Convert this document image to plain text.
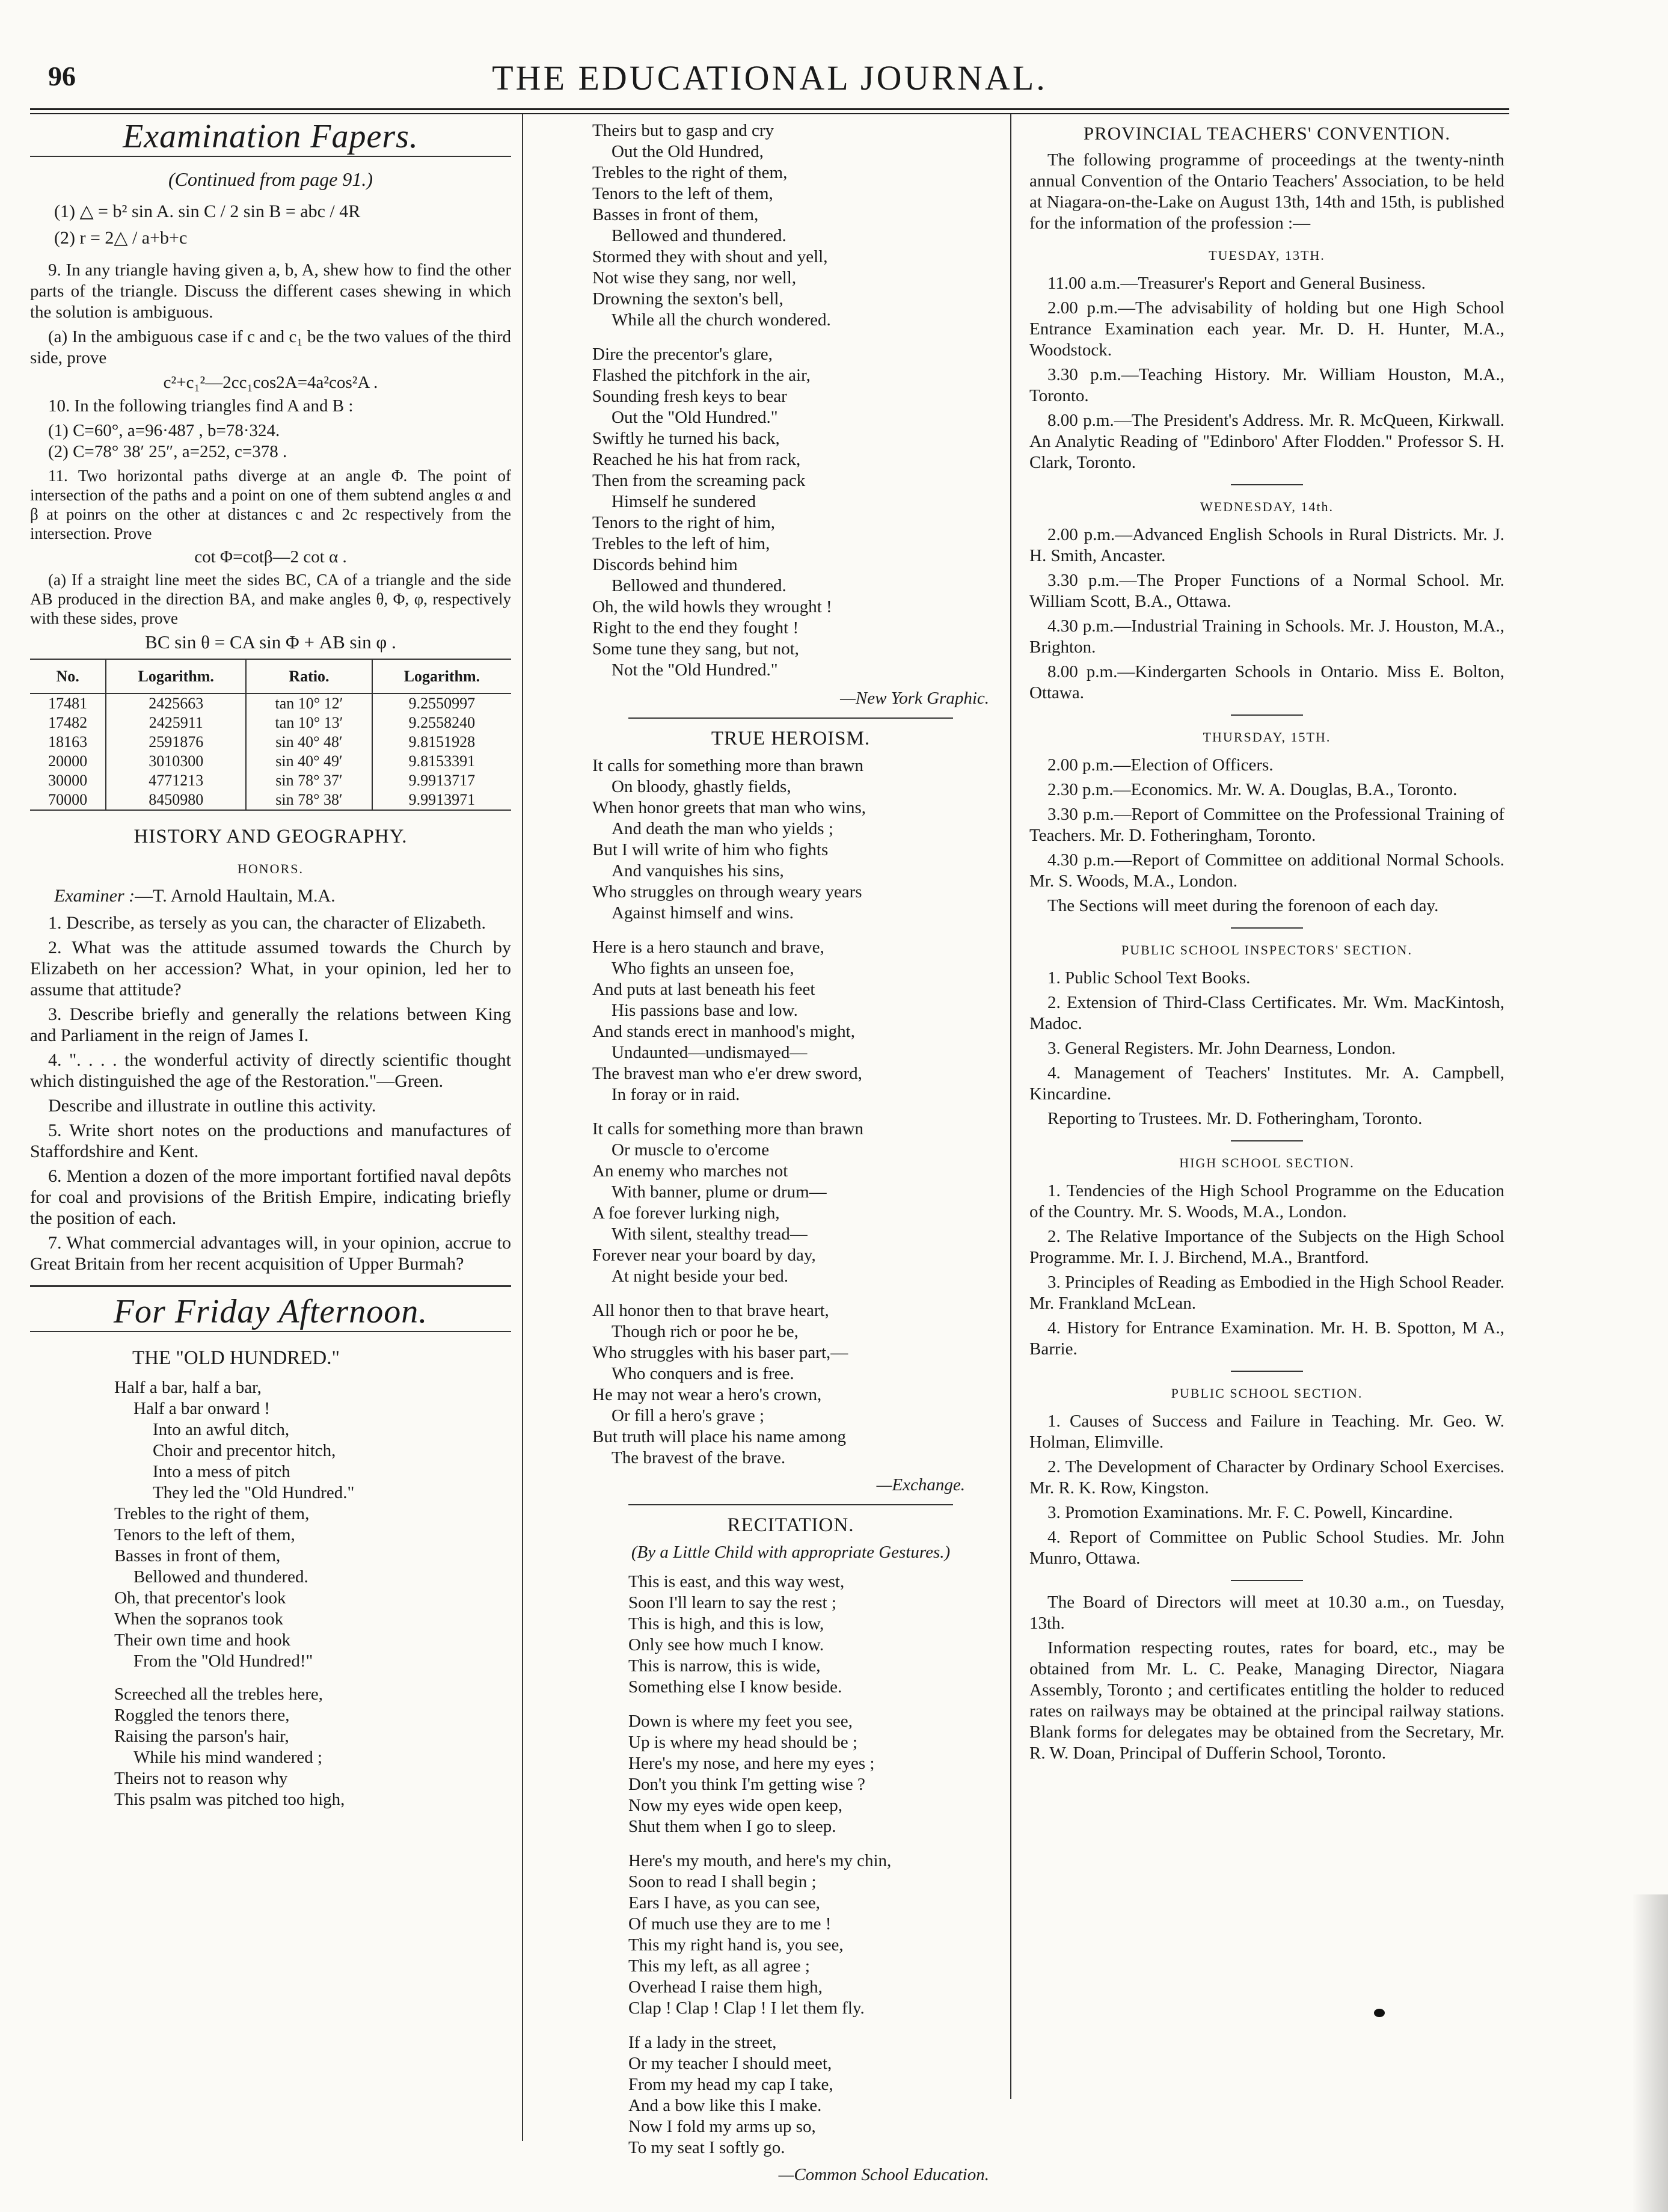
96	THE EDUCATIONAL JOURNAL.
Examination Fapers.
(Continued from page 91.)
(1) △ = b² sin A. sin C / 2 sin B = abc / 4R
(2) r = 2△ / a+b+c

9. In any triangle having given a, b, A, shew how to find the other parts of the triangle. Discuss the different cases shewing in which the solution is ambiguous.

(a) In the ambiguous case if c and c₁ be the two values of the third side, prove

c²+c₁²—2cc₁cos2A=4a²cos²A .

10. In the following triangles find A and B :

(1) C=60°, a=96·487 , b=78·324.
(2) C=78° 38′ 25″, a=252, c=378 .

11. Two horizontal paths diverge at an angle Φ. The point of intersection of the paths and a point on one of them subtend angles α and β at poinrs on the other at distances c and 2c respectively from the intersection. Prove

cot Φ=cotβ—2 cot α .

(a) If a straight line meet the sides BC, CA of a triangle and the side AB produced in the direction BA, and make angles θ, Φ, φ, respectively with these sides, prove

BC sin θ = CA sin Φ + AB sin φ .
No.	Logarithm.	Ratio.	Logarithm.
17481	2425663	tan 10° 12′	9.2550997
17482	2425911	tan 10° 13′	9.2558240
18163	2591876	sin 40° 48′	9.8151928
20000	3010300	sin 40° 49′	9.8153391
30000	4771213	sin 78° 37′	9.9913717
70000	8450980	sin 78° 38′	9.9913971
HISTORY AND GEOGRAPHY.
HONORS.
Examiner :—T. Arnold Haultain, M.A.

1. Describe, as tersely as you can, the character of Elizabeth.

2. What was the attitude assumed towards the Church by Elizabeth on her accession? What, in your opinion, led her to assume that attitude?

3. Describe briefly and generally the relations between King and Parliament in the reign of James I.

4. ". . . . the wonderful activity of directly scientific thought which distinguished the age of the Restoration."—Green.

Describe and illustrate in outline this activity.

5. Write short notes on the productions and manufactures of Staffordshire and Kent.

6. Mention a dozen of the more important fortified naval depôts for coal and provisions of the British Empire, indicating briefly the position of each.

7. What commercial advantages will, in your opinion, accrue to Great Britain from her recent acquisition of Upper Burmah?

For Friday Afternoon.
THE "OLD HUNDRED."
Half a bar, half a bar,
Half a bar onward !
Into an awful ditch,
Choir and precentor hitch,
Into a mess of pitch
They led the "Old Hundred."
Trebles to the right of them,
Tenors to the left of them,
Basses in front of them,
Bellowed and thundered.
Oh, that precentor's look
When the sopranos took
Their own time and hook
From the "Old Hundred!"
Screeched all the trebles here,
Roggled the tenors there,
Raising the parson's hair,
While his mind wandered ;
Theirs not to reason why
This psalm was pitched too high,
Theirs but to gasp and cry
Out the Old Hundred,
Trebles to the right of them,
Tenors to the left of them,
Basses in front of them,
Bellowed and thundered.
Stormed they with shout and yell,
Not wise they sang, nor well,
Drowning the sexton's bell,
While all the church wondered.
Dire the precentor's glare,
Flashed the pitchfork in the air,
Sounding fresh keys to bear
Out the "Old Hundred."
Swiftly he turned his back,
Reached he his hat from rack,
Then from the screaming pack
Himself he sundered
Tenors to the right of him,
Trebles to the left of him,
Discords behind him
Bellowed and thundered.
Oh, the wild howls they wrought !
Right to the end they fought !
Some tune they sang, but not,
Not the "Old Hundred."
—New York Graphic.
TRUE HEROISM.
It calls for something more than brawn
On bloody, ghastly fields,
When honor greets that man who wins,
And death the man who yields ;
But I will write of him who fights
And vanquishes his sins,
Who struggles on through weary years
Against himself and wins.
Here is a hero staunch and brave,
Who fights an unseen foe,
And puts at last beneath his feet
His passions base and low.
And stands erect in manhood's might,
Undaunted—undismayed—
The bravest man who e'er drew sword,
In foray or in raid.
It calls for something more than brawn
Or muscle to o'ercome
An enemy who marches not
With banner, plume or drum—
A foe forever lurking nigh,
With silent, stealthy tread—
Forever near your board by day,
At night beside your bed.
All honor then to that brave heart,
Though rich or poor he be,
Who struggles with his baser part,—
Who conquers and is free.
He may not wear a hero's crown,
Or fill a hero's grave ;
But truth will place his name among
The bravest of the brave.
—Exchange.
RECITATION.
(By a Little Child with appropriate Gestures.)
This is east, and this way west,
Soon I'll learn to say the rest ;
This is high, and this is low,
Only see how much I know.
This is narrow, this is wide,
Something else I know beside.
Down is where my feet you see,
Up is where my head should be ;
Here's my nose, and here my eyes ;
Don't you think I'm getting wise ?
Now my eyes wide open keep,
Shut them when I go to sleep.
Here's my mouth, and here's my chin,
Soon to read I shall begin ;
Ears I have, as you can see,
Of much use they are to me !
This my right hand is, you see,
This my left, as all agree ;
Overhead I raise them high,
Clap ! Clap ! Clap ! I let them fly.
If a lady in the street,
Or my teacher I should meet,
From my head my cap I take,
And a bow like this I make.
Now I fold my arms up so,
To my seat I softly go.
—Common School Education.
PROVINCIAL TEACHERS' CONVENTION.

The following programme of proceedings at the twenty-ninth annual Convention of the Ontario Teachers' Association, to be held at Niagara-on-the-Lake on August 13th, 14th and 15th, is published for the information of the profession :—

TUESDAY, 13TH.

11.00 a.m.—Treasurer's Report and General Business.

2.00 p.m.—The advisability of holding but one High School Entrance Examination each year. Mr. D. H. Hunter, M.A., Woodstock.

3.30 p.m.—Teaching History. Mr. William Houston, M.A., Toronto.

8.00 p.m.—The President's Address. Mr. R. McQueen, Kirkwall. An Analytic Reading of "Edinboro' After Flodden." Professor S. H. Clark, Toronto.

WEDNESDAY, 14th.

2.00 p.m.—Advanced English Schools in Rural Districts. Mr. J. H. Smith, Ancaster.

3.30 p.m.—The Proper Functions of a Normal School. Mr. William Scott, B.A., Ottawa.

4.30 p.m.—Industrial Training in Schools. Mr. J. Houston, M.A., Brighton.

8.00 p.m.—Kindergarten Schools in Ontario. Miss E. Bolton, Ottawa.

THURSDAY, 15TH.

2.00 p.m.—Election of Officers.

2.30 p.m.—Economics. Mr. W. A. Douglas, B.A., Toronto.

3.30 p.m.—Report of Committee on the Professional Training of Teachers. Mr. D. Fotheringham, Toronto.

4.30 p.m.—Report of Committee on additional Normal Schools. Mr. S. Woods, M.A., London.

The Sections will meet during the forenoon of each day.

PUBLIC SCHOOL INSPECTORS' SECTION.

1. Public School Text Books.

2. Extension of Third-Class Certificates. Mr. Wm. MacKintosh, Madoc.

3. General Registers. Mr. John Dearness, London.

4. Management of Teachers' Institutes. Mr. A. Campbell, Kincardine.

Reporting to Trustees. Mr. D. Fotheringham, Toronto.

HIGH SCHOOL SECTION.

1. Tendencies of the High School Programme on the Education of the Country. Mr. S. Woods, M.A., London.

2. The Relative Importance of the Subjects on the High School Programme. Mr. I. J. Birchend, M.A., Brantford.

3. Principles of Reading as Embodied in the High School Reader. Mr. Frankland McLean.

4. History for Entrance Examination. Mr. H. B. Spotton, M A., Barrie.

PUBLIC SCHOOL SECTION.

1. Causes of Success and Failure in Teaching. Mr. Geo. W. Holman, Elimville.

2. The Development of Character by Ordinary School Exercises. Mr. R. K. Row, Kingston.

3. Promotion Examinations. Mr. F. C. Powell, Kincardine.

4. Report of Committee on Public School Studies. Mr. John Munro, Ottawa.

The Board of Directors will meet at 10.30 a.m., on Tuesday, 13th.

Information respecting routes, rates for board, etc., may be obtained from Mr. L. C. Peake, Managing Director, Niagara Assembly, Toronto ; and certificates entitling the holder to reduced rates on railways may be obtained at the principal railway stations. Blank forms for delegates may be obtained from the Secretary, Mr. R. W. Doan, Principal of Dufferin School, Toronto.
